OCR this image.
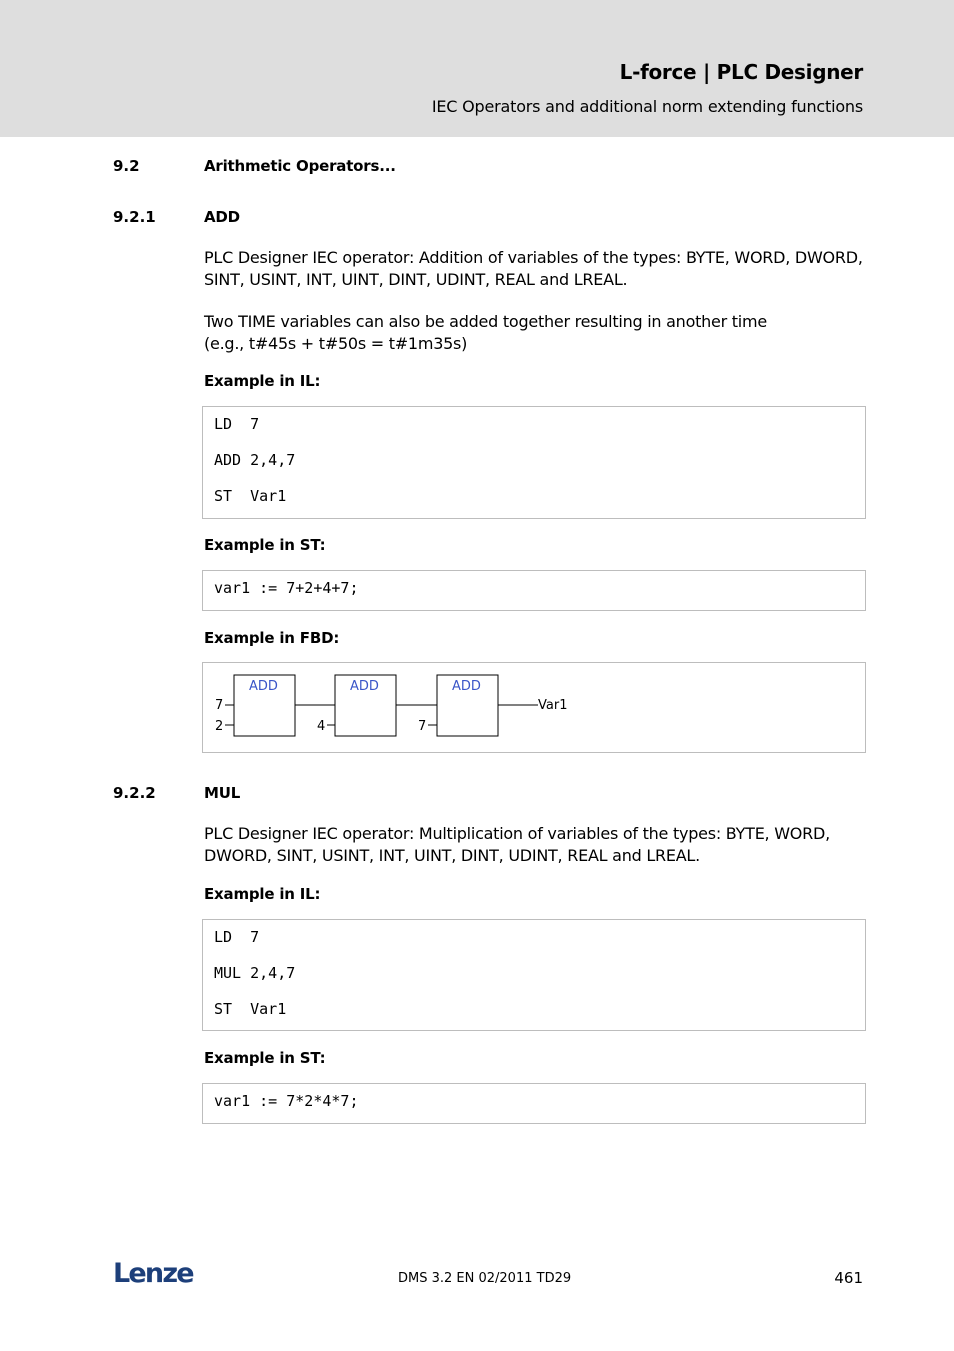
L-force | PLC Designer
IEC Operators and additional norm extending functions
9.2	Arithmetic Operators...
9.2.1	ADD

PLC Designer IEC operator: Addition of variables of the types: BYTE, WORD, DWORD, SINT, USINT, INT, UINT, DINT, UDINT, REAL and LREAL.

Two TIME variables can also be added together resulting in another time

(e.g., t#45s + t#50s = t#1m35s)

Example in IL:
LD  7
ADD 2,4,7
ST  Var1
Example in ST:
var1 := 7+2+4+7;
Example in FBD:
ADD
7
2
ADD
4
ADD
7
Var1
9.2.2	MUL

PLC Designer IEC operator: Multiplication of variables of the types: BYTE, WORD, DWORD, SINT, USINT, INT, UINT, DINT, UDINT, REAL and LREAL.

Example in IL:
LD  7
MUL 2,4,7
ST  Var1
Example in ST:
var1 := 7*2*4*7;
Lenze	DMS 3.2 EN 02/2011 TD29	461
